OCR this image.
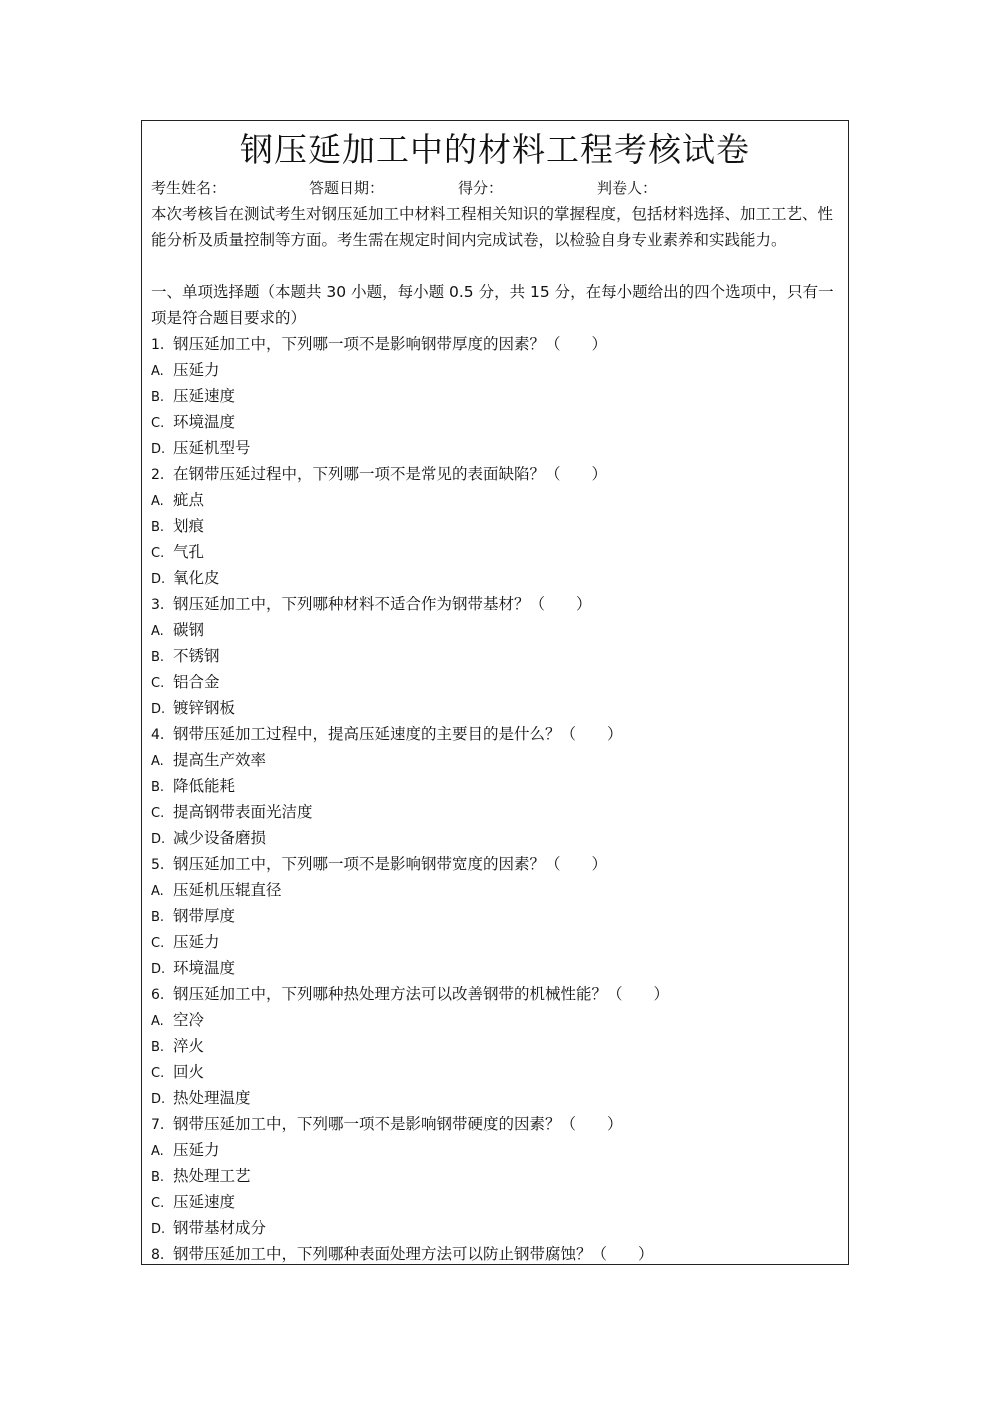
钢压延加工中的材料工程考核试卷
考生姓名：	答题日期：	得分：	判卷人：
本次考核旨在测试考生对钢压延加工中材料工程相关知识的掌握程度，包括材料选择、加工工艺、性能分析及质量控制等方面。考生需在规定时间内完成试卷，以检验自身专业素养和实践能力。
一、单项选择题（本题共 30 小题，每小题 0.5 分，共 15 分，在每小题给出的四个选项中，只有一项是符合题目要求的）
1. 钢压延加工中，下列哪一项不是影响钢带厚度的因素？（　　）
A. 压延力
B. 压延速度
C. 环境温度
D. 压延机型号
2. 在钢带压延过程中，下列哪一项不是常见的表面缺陷？（　　）
A. 疵点
B. 划痕
C. 气孔
D. 氧化皮
3. 钢压延加工中，下列哪种材料不适合作为钢带基材？（　　）
A. 碳钢
B. 不锈钢
C. 铝合金
D. 镀锌钢板
4. 钢带压延加工过程中，提高压延速度的主要目的是什么？（　　）
A. 提高生产效率
B. 降低能耗
C. 提高钢带表面光洁度
D. 减少设备磨损
5. 钢压延加工中，下列哪一项不是影响钢带宽度的因素？（　　）
A. 压延机压辊直径
B. 钢带厚度
C. 压延力
D. 环境温度
6. 钢压延加工中，下列哪种热处理方法可以改善钢带的机械性能？（　　）
A. 空冷
B. 淬火
C. 回火
D. 热处理温度
7. 钢带压延加工中，下列哪一项不是影响钢带硬度的因素？（　　）
A. 压延力
B. 热处理工艺
C. 压延速度
D. 钢带基材成分
8. 钢带压延加工中，下列哪种表面处理方法可以防止钢带腐蚀？（　　）
